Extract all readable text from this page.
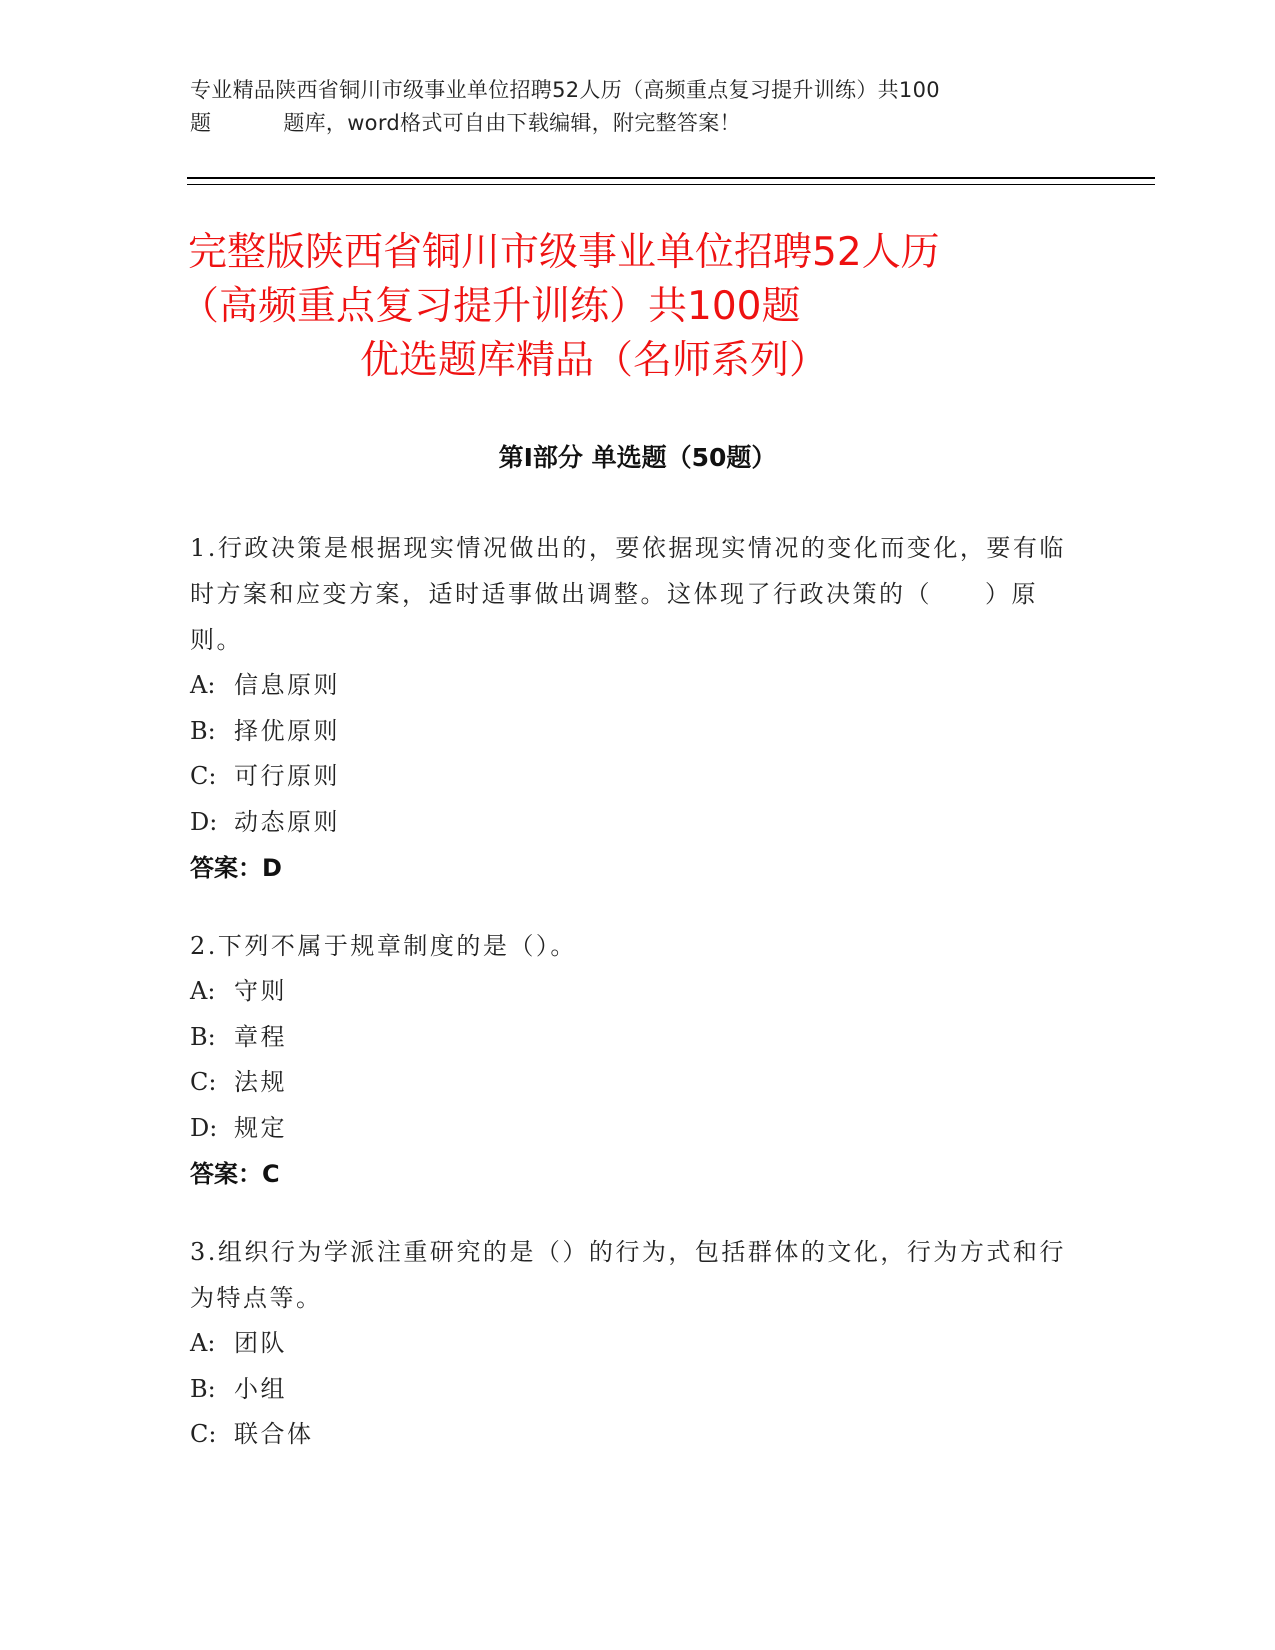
专业精品陕西省铜川市级事业单位招聘52人历（高频重点复习提升训练）共100
题	题库，word格式可自由下载编辑，附完整答案！
完整版陕西省铜川市级事业单位招聘52人历
（高频重点复习提升训练）共100题
优选题库精品（名师系列）
第Ⅰ部分 单选题（50题）
1.行政决策是根据现实情况做出的，要依据现实情况的变化而变化，要有临时方案和应变方案，适时适事做出调整。这体现了行政决策的（　　）原则。
A: 信息原则
B: 择优原则
C: 可行原则
D: 动态原则
答案：D
2.下列不属于规章制度的是（）。
A: 守则
B: 章程
C: 法规
D: 规定
答案：C
3.组织行为学派注重研究的是（）的行为，包括群体的文化，行为方式和行为特点等。
A: 团队
B: 小组
C: 联合体
